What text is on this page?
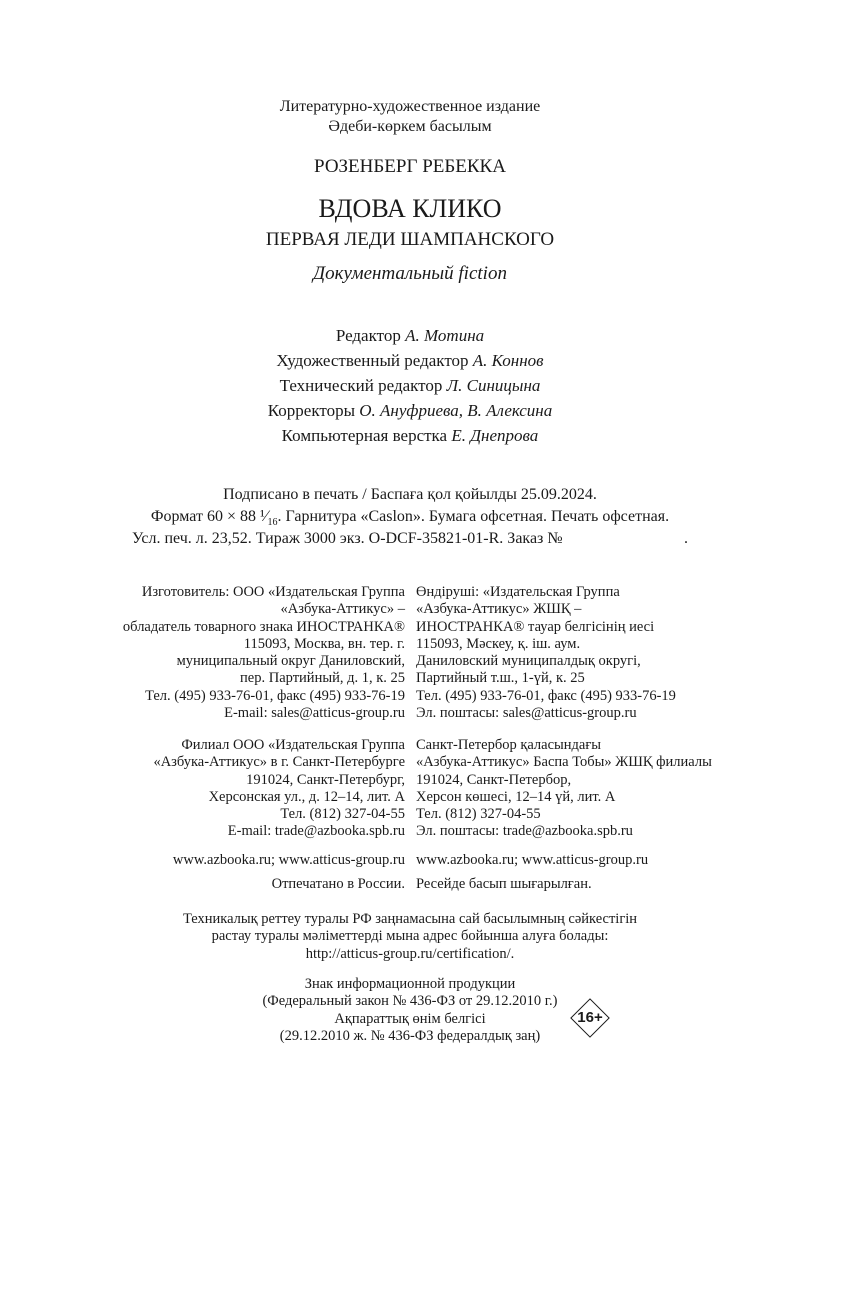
Литературно-художественное издание
Әдеби-көркем басылым
РОЗЕНБЕРГ РЕБЕККА
ВДОВА КЛИКО
ПЕРВАЯ ЛЕДИ ШАМПАНСКОГО
Документальный fiction
Редактор А. Мотина
Художественный редактор А. Коннов
Технический редактор Л. Синицына
Корректоры О. Ануфриева, В. Алексина
Компьютерная верстка Е. Днепрова
Подписано в печать / Баспаға қол қойылды 25.09.2024.
Формат 60 × 88 $^1⁄_{16}$. Гарнитура «Caslon». Бумага офсетная. Печать офсетная.
Усл. печ. л. 23,52. Тираж 3000 экз. O-DCF-35821-01-R. Заказ №	.
Изготовитель: ООО «Издательская Группа
«Азбука-Аттикус» –
обладатель товарного знака ИНОСТРАНКА®
115093, Москва, вн. тер. г.
муниципальный округ Даниловский,
пер. Партийный, д. 1, к. 25
Тел. (495) 933-76-01, факс (495) 933-76-19
E-mail: sales@atticus-group.ru
Өндіруші: «Издательская Группа
«Азбука-Аттикус» ЖШҚ –
ИНОСТРАНКА® тауар белгісінің иесі
115093, Мәскеу, қ. іш. аум.
Даниловский муниципалдық округі,
Партийный т.ш., 1-үй, к. 25
Тел. (495) 933-76-01, факс (495) 933-76-19
Эл. поштасы: sales@atticus-group.ru
Филиал ООО «Издательская Группа
«Азбука-Аттикус» в г. Санкт-Петербурге
191024, Санкт-Петербург,
Херсонская ул., д. 12–14, лит. А
Тел. (812) 327-04-55
E-mail: trade@azbooka.spb.ru
Санкт-Петербор қаласындағы
«Азбука-Аттикус» Баспа Тобы» ЖШҚ филиалы
191024, Санкт-Петербор,
Херсон көшесі, 12–14 үй, лит. А
Тел. (812) 327-04-55
Эл. поштасы: trade@azbooka.spb.ru
www.azbooka.ru; www.atticus-group.ru www.azbooka.ru; www.atticus-group.ru
Отпечатано в России. Ресейде басып шығарылған.
Техникалық реттеу туралы РФ заңнамасына сай басылымның сәйкестігін
растау туралы мәліметтерді мына адрес бойынша алуға болады:
http://atticus-group.ru/certification/.
Знак информационной продукции
(Федеральный закон № 436-ФЗ от 29.12.2010 г.)
Ақпараттық өнім белгісі
(29.12.2010 ж. № 436-ФЗ федералдық заң)
16+
